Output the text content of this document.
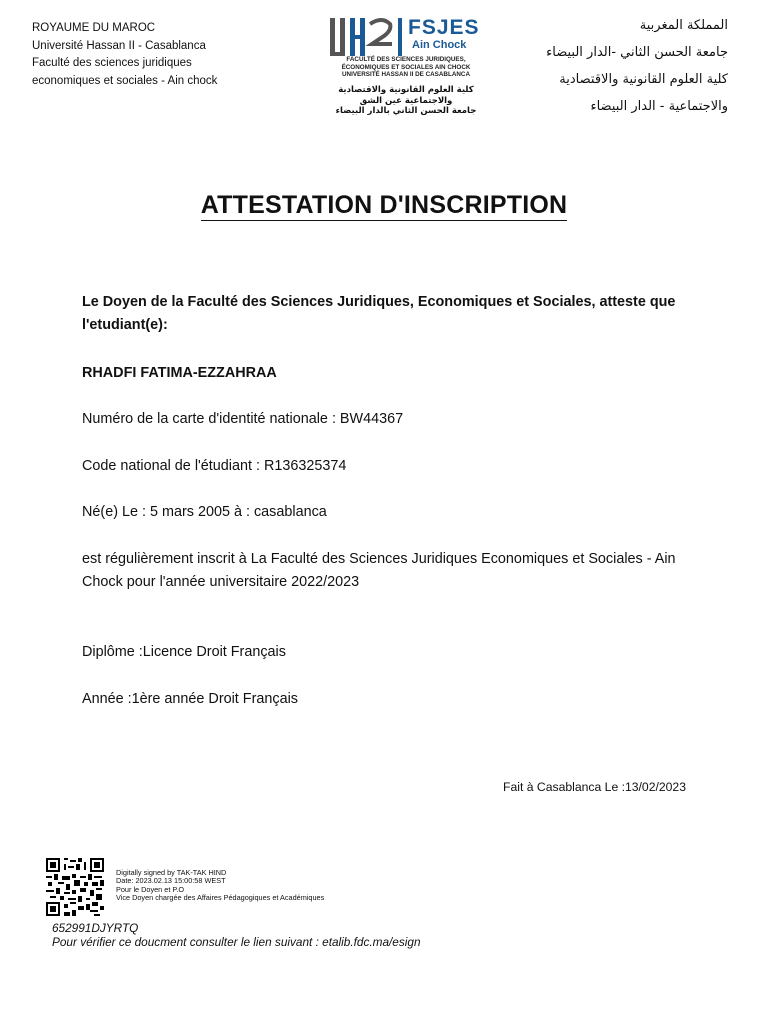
ROYAUME DU MAROC
Université Hassan II - Casablanca
Faculté des sciences juridiques
economiques et sociales - Ain chock
FSJES
Ain Chock
FACULTÉ DES SCIENCES JURIDIQUES,
ÉCONOMIQUES ET SOCIALES AIN CHOCK
UNIVERSITÉ HASSAN II DE CASABLANCA
كلية العلوم القانونية والاقتصادية
والاجتماعية عين الشق
جامعة الحسن الثاني بالدار البيضاء
المملكة المغربية
جامعة الحسن الثاني -الدار البيضاء
كلية العلوم القانونية والاقتصادية
والاجتماعية - الدار البيضاء
ATTESTATION D'INSCRIPTION
Le Doyen de la Faculté des Sciences Juridiques, Economiques et Sociales, atteste que l'etudiant(e):
RHADFI FATIMA-EZZAHRAA
Numéro de la carte d'identité nationale : BW44367
Code national de l'étudiant : R136325374
Né(e) Le : 5 mars 2005 à : casablanca
est régulièrement inscrit à La Faculté des Sciences Juridiques Economiques et Sociales - Ain Chock pour l'année universitaire 2022/2023
Diplôme :Licence Droit Français
Année :1ère année Droit Français
Fait à Casablanca Le :13/02/2023
Digitally signed by TAK-TAK HIND
Date: 2023.02.13 15:00:58 WEST
Pour le Doyen et P.O
Vice Doyen chargée des Affaires Pédagogiques et Académiques
652991DJYRTQ
Pour vérifier ce doucment consulter le lien suivant : etalib.fdc.ma/esign
